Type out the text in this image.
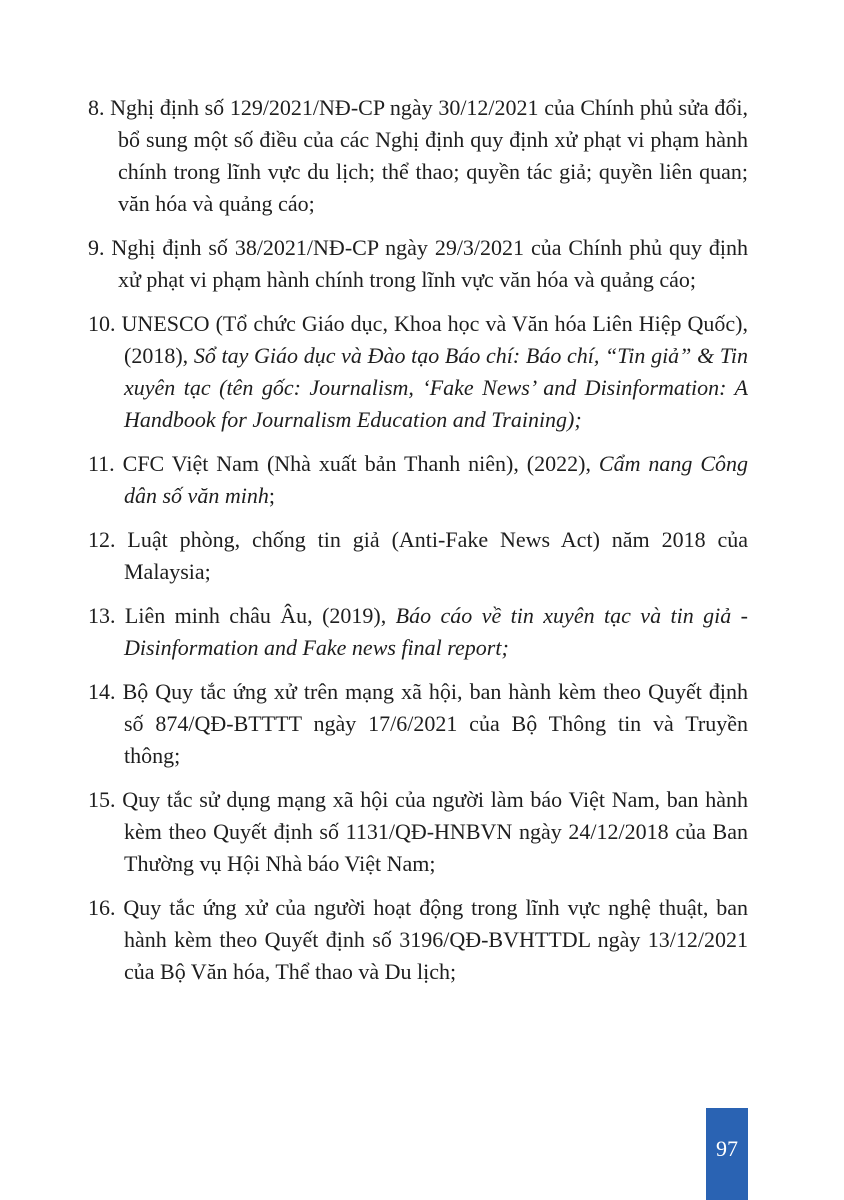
8. Nghị định số 129/2021/NĐ-CP ngày 30/12/2021 của Chính phủ sửa đổi, bổ sung một số điều của các Nghị định quy định xử phạt vi phạm hành chính trong lĩnh vực du lịch; thể thao; quyền tác giả; quyền liên quan; văn hóa và quảng cáo;
9. Nghị định số 38/2021/NĐ-CP ngày 29/3/2021 của Chính phủ quy định xử phạt vi phạm hành chính trong lĩnh vực văn hóa và quảng cáo;
10. UNESCO (Tổ chức Giáo dục, Khoa học và Văn hóa Liên Hiệp Quốc), (2018), Sổ tay Giáo dục và Đào tạo Báo chí: Báo chí, “Tin giả” & Tin xuyên tạc (tên gốc: Journalism, ‘Fake News’ and Disinformation: A Handbook for Journalism Education and Training);
11. CFC Việt Nam (Nhà xuất bản Thanh niên), (2022), Cẩm nang Công dân số văn minh;
12. Luật phòng, chống tin giả (Anti-Fake News Act) năm 2018 của Malaysia;
13. Liên minh châu Âu, (2019), Báo cáo về tin xuyên tạc và tin giả - Disinformation and Fake news final report;
14. Bộ Quy tắc ứng xử trên mạng xã hội, ban hành kèm theo Quyết định số 874/QĐ-BTTTT ngày 17/6/2021 của Bộ Thông tin và Truyền thông;
15. Quy tắc sử dụng mạng xã hội của người làm báo Việt Nam, ban hành kèm theo Quyết định số 1131/QĐ-HNBVN ngày 24/12/2018 của Ban Thường vụ Hội Nhà báo Việt Nam;
16. Quy tắc ứng xử của người hoạt động trong lĩnh vực nghệ thuật, ban hành kèm theo Quyết định số 3196/QĐ-BVHTTDL ngày 13/12/2021 của Bộ Văn hóa, Thể thao và Du lịch;
97
